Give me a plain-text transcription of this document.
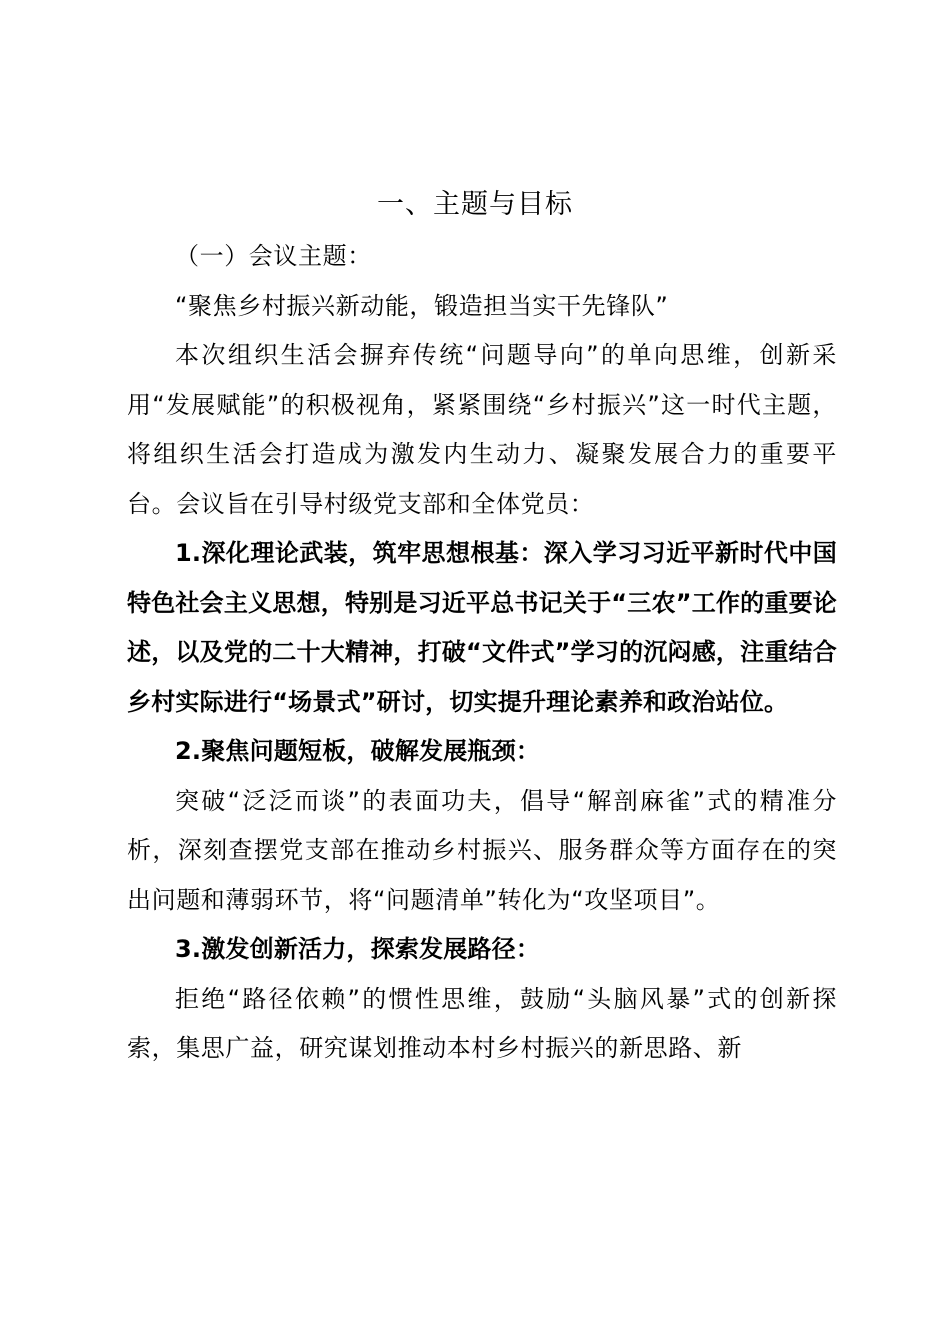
一、主题与目标

（一）会议主题：

“聚焦乡村振兴新动能，锻造担当实干先锋队”

本次组织生活会摒弃传统“问题导向”的单向思维，创新采用“发展赋能”的积极视角，紧紧围绕“乡村振兴”这一时代主题，将组织生活会打造成为激发内生动力、凝聚发展合力的重要平台。会议旨在引导村级党支部和全体党员：

1.深化理论武装，筑牢思想根基：深入学习习近平新时代中国特色社会主义思想，特别是习近平总书记关于“三农”工作的重要论述，以及党的二十大精神，打破“文件式”学习的沉闷感，注重结合乡村实际进行“场景式”研讨，切实提升理论素养和政治站位。

2.聚焦问题短板，破解发展瓶颈：

突破“泛泛而谈”的表面功夫，倡导“解剖麻雀”式的精准分析，深刻查摆党支部在推动乡村振兴、服务群众等方面存在的突出问题和薄弱环节，将“问题清单”转化为“攻坚项目”。

3.激发创新活力，探索发展路径：

拒绝“路径依赖”的惯性思维，鼓励“头脑风暴”式的创新探索，集思广益，研究谋划推动本村乡村振兴的新思路、新
